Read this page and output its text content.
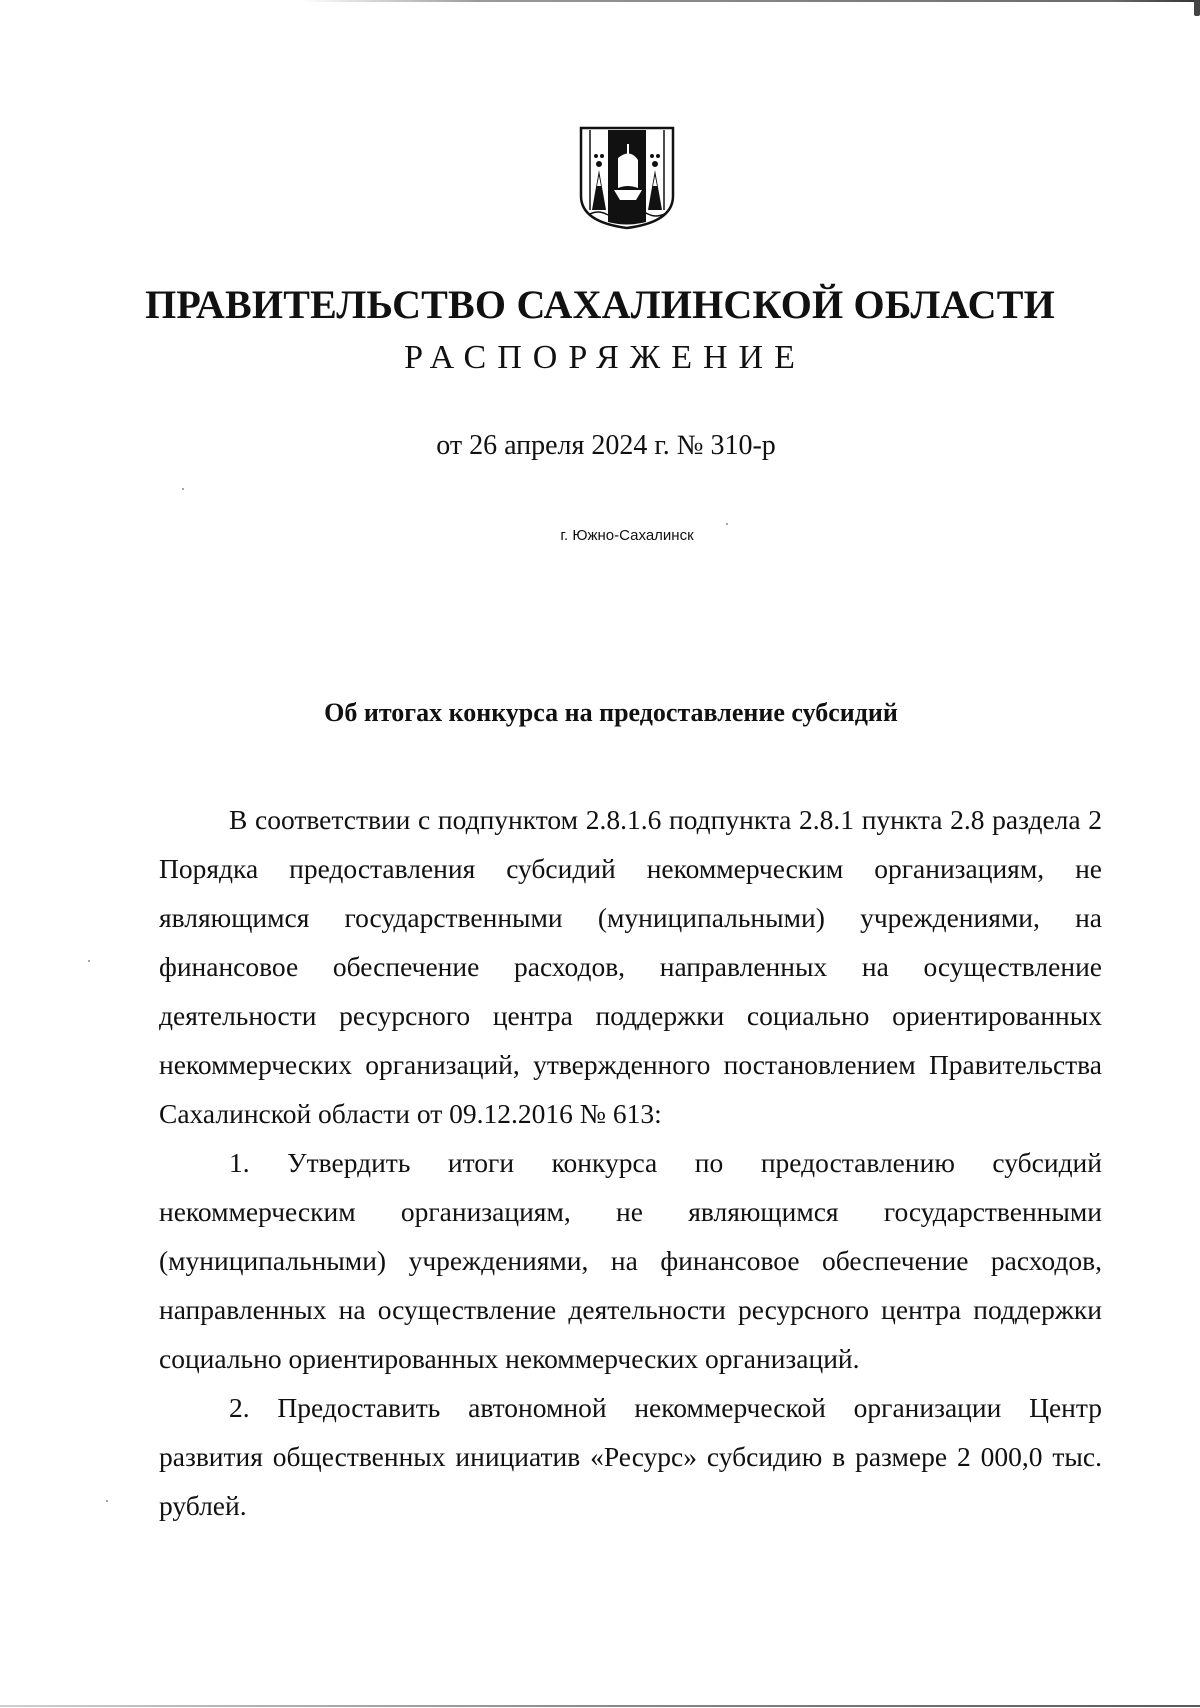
ПРАВИТЕЛЬСТВО САХАЛИНСКОЙ ОБЛАСТИ
РАСПОРЯЖЕНИЕ
от 26 апреля 2024 г. № 310-р
г. Южно-Сахалинск
Об итогах конкурса на предоставление субсидий

В соответствии с подпунктом 2.8.1.6 подпункта 2.8.1 пункта 2.8 раздела 2 Порядка предоставления субсидий некоммерческим организациям, не являющимся государственными (муниципальными) учреждениями, на финансовое обеспечение расходов, направленных на осуществление деятельности ресурсного центра поддержки социально ориентированных некоммерческих организаций, утвержденного постановлением Правительства Сахалинской области от 09.12.2016 № 613:

1. Утвердить итоги конкурса по предоставлению субсидий некоммерческим организациям, не являющимся государственными (муниципальными) учреждениями, на финансовое обеспечение расходов, направленных на осуществление деятельности ресурсного центра поддержки социально ориентированных некоммерческих организаций.

2. Предоставить автономной некоммерческой организации Центр развития общественных инициатив «Ресурс» субсидию в размере 2 000,0 тыс. рублей.
